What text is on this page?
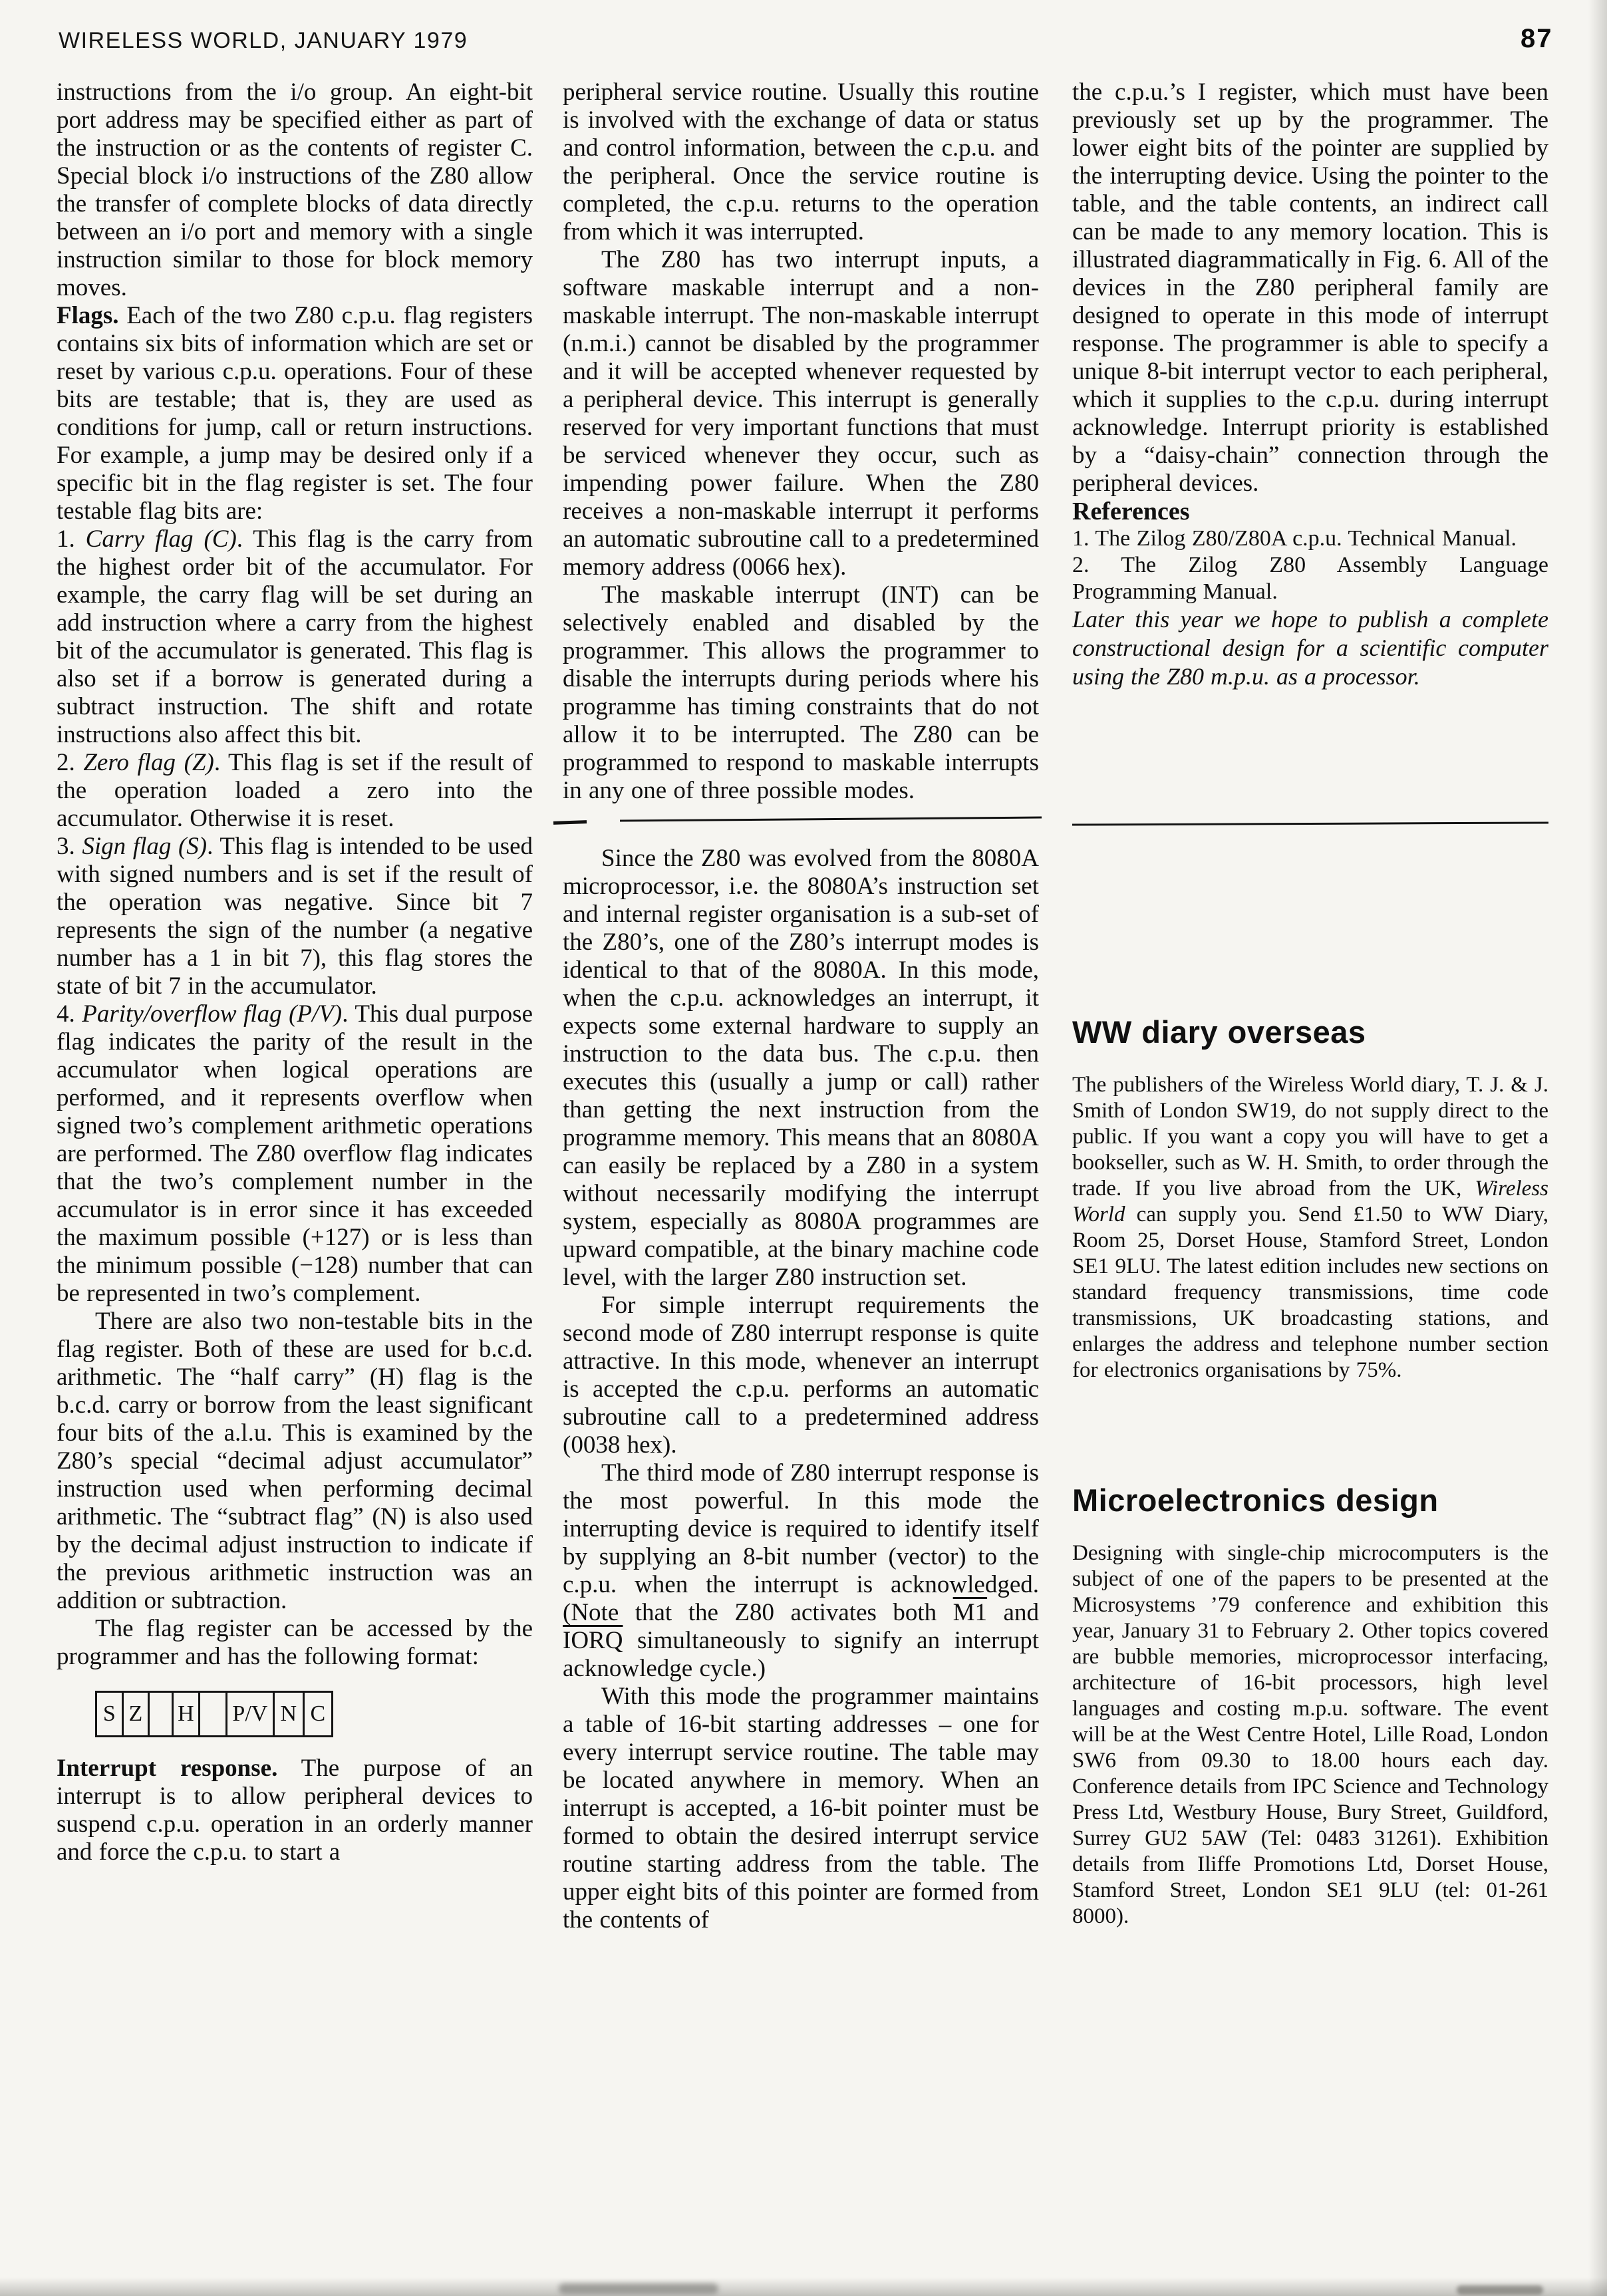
WIRELESS WORLD, JANUARY 1979	87

instructions from the i/o group. An eight-bit port address may be specified either as part of the instruction or as the contents of register C. Special block i/o instructions of the Z80 allow the transfer of complete blocks of data directly between an i/o port and memory with a single instruction similar to those for block memory moves.

Flags. Each of the two Z80 c.p.u. flag registers contains six bits of information which are set or reset by various c.p.u. operations. Four of these bits are testable; that is, they are used as conditions for jump, call or return instructions. For example, a jump may be desired only if a specific bit in the flag register is set. The four testable flag bits are:

1. Carry flag (C). This flag is the carry from the highest order bit of the accumulator. For example, the carry flag will be set during an add instruction where a carry from the highest bit of the accumulator is generated. This flag is also set if a borrow is generated during a subtract instruction. The shift and rotate instructions also affect this bit.

2. Zero flag (Z). This flag is set if the result of the operation loaded a zero into the accumulator. Otherwise it is reset.

3. Sign flag (S). This flag is intended to be used with signed numbers and is set if the result of the operation was negative. Since bit 7 represents the sign of the number (a negative number has a 1 in bit 7), this flag stores the state of bit 7 in the accumulator.

4. Parity/overflow flag (P/V). This dual purpose flag indicates the parity of the result in the accumulator when logical operations are performed, and it represents overflow when signed two’s complement arithmetic operations are performed. The Z80 overflow flag indicates that the two’s complement number in the accumulator is in error since it has exceeded the maximum possible (+127) or is less than the minimum possible (−128) number that can be represented in two’s complement.

There are also two non-testable bits in the flag register. Both of these are used for b.c.d. arithmetic. The “half carry” (H) flag is the b.c.d. carry or borrow from the least significant four bits of the a.l.u. This is examined by the Z80’s special “decimal adjust accumulator” instruction used when performing decimal arithmetic. The “subtract flag” (N) is also used by the decimal adjust instruction to indicate if the previous arithmetic instruction was an addition or subtraction.

The flag register can be accessed by the programmer and has the following format:

S Z H	P/V N C

Interrupt response. The purpose of an interrupt is to allow peripheral devices to suspend c.p.u. operation in an orderly manner and force the c.p.u. to start a

peripheral service routine. Usually this routine is involved with the exchange of data or status and control information, between the c.p.u. and the peripheral. Once the service routine is completed, the c.p.u. returns to the operation from which it was interrupted.

The Z80 has two interrupt inputs, a software maskable interrupt and a non-maskable interrupt. The non-maskable interrupt (n.m.i.) cannot be disabled by the programmer and it will be accepted whenever requested by a peripheral device. This interrupt is generally reserved for very important functions that must be serviced whenever they occur, such as impending power failure. When the Z80 receives a non-maskable interrupt it performs an automatic subroutine call to a predetermined memory address (0066 hex).

The maskable interrupt (INT) can be selectively enabled and disabled by the programmer. This allows the programmer to disable the interrupts during periods where his programme has timing constraints that do not allow it to be interrupted. The Z80 can be programmed to respond to maskable interrupts in any one of three possible modes.

Since the Z80 was evolved from the 8080A microprocessor, i.e. the 8080A’s instruction set and internal register organisation is a sub-set of the Z80’s, one of the Z80’s interrupt modes is identical to that of the 8080A. In this mode, when the c.p.u. acknowledges an interrupt, it expects some external hardware to supply an instruction to the data bus. The c.p.u. then executes this (usually a jump or call) rather than getting the next instruction from the programme memory. This means that an 8080A can easily be replaced by a Z80 in a system without necessarily modifying the interrupt system, especially as 8080A programmes are upward compatible, at the binary machine code level, with the larger Z80 instruction set.

For simple interrupt requirements the second mode of Z80 interrupt response is quite attractive. In this mode, whenever an interrupt is accepted the c.p.u. performs an automatic subroutine call to a predetermined address (0038 hex).

The third mode of Z80 interrupt response is the most powerful. In this mode the interrupting device is required to identify itself by supplying an 8-bit number (vector) to the c.p.u. when the interrupt is acknowledged. (Note that the Z80 activates both M1 and IORQ simultaneously to signify an interrupt acknowledge cycle.)

With this mode the programmer maintains a table of 16-bit starting addresses – one for every interrupt service routine. The table may be located anywhere in memory. When an interrupt is accepted, a 16-bit pointer must be formed to obtain the desired interrupt service routine starting address from the table. The upper eight bits of this pointer are formed from the contents of

the c.p.u.’s I register, which must have been previously set up by the programmer. The lower eight bits of the pointer are supplied by the interrupting device. Using the pointer to the table, and the table contents, an indirect call can be made to any memory location. This is illustrated diagrammatically in Fig. 6. All of the devices in the Z80 peripheral family are designed to operate in this mode of interrupt response. The programmer is able to specify a unique 8-bit interrupt vector to each peripheral, which it supplies to the c.p.u. during interrupt acknowledge. Interrupt priority is established by a “daisy-chain” connection through the peripheral devices.

References

1. The Zilog Z80/Z80A c.p.u. Technical Manual.

2. The Zilog Z80 Assembly Language Programming Manual.

Later this year we hope to publish a complete constructional design for a scientific computer using the Z80 m.p.u. as a processor.

WW diary overseas

The publishers of the Wireless World diary, T. J. & J. Smith of London SW19, do not supply direct to the public. If you want a copy you will have to get a bookseller, such as W. H. Smith, to order through the trade. If you live abroad from the UK, Wireless World can supply you. Send £1.50 to WW Diary, Room 25, Dorset House, Stamford Street, London SE1 9LU. The latest edition includes new sections on standard frequency transmissions, time code transmissions, UK broadcasting stations, and enlarges the address and telephone number section for electronics organisations by 75%.

Microelectronics design

Designing with single-chip microcomputers is the subject of one of the papers to be presented at the Microsystems ’79 conference and exhibition this year, January 31 to February 2. Other topics covered are bubble memories, microprocessor interfacing, architecture of 16-bit processors, high level languages and costing m.p.u. software. The event will be at the West Centre Hotel, Lille Road, London SW6 from 09.30 to 18.00 hours each day. Conference details from IPC Science and Technology Press Ltd, Westbury House, Bury Street, Guildford, Surrey GU2 5AW (Tel: 0483 31261). Exhibition details from Iliffe Promotions Ltd, Dorset House, Stamford Street, London SE1 9LU (tel: 01-261 8000).
